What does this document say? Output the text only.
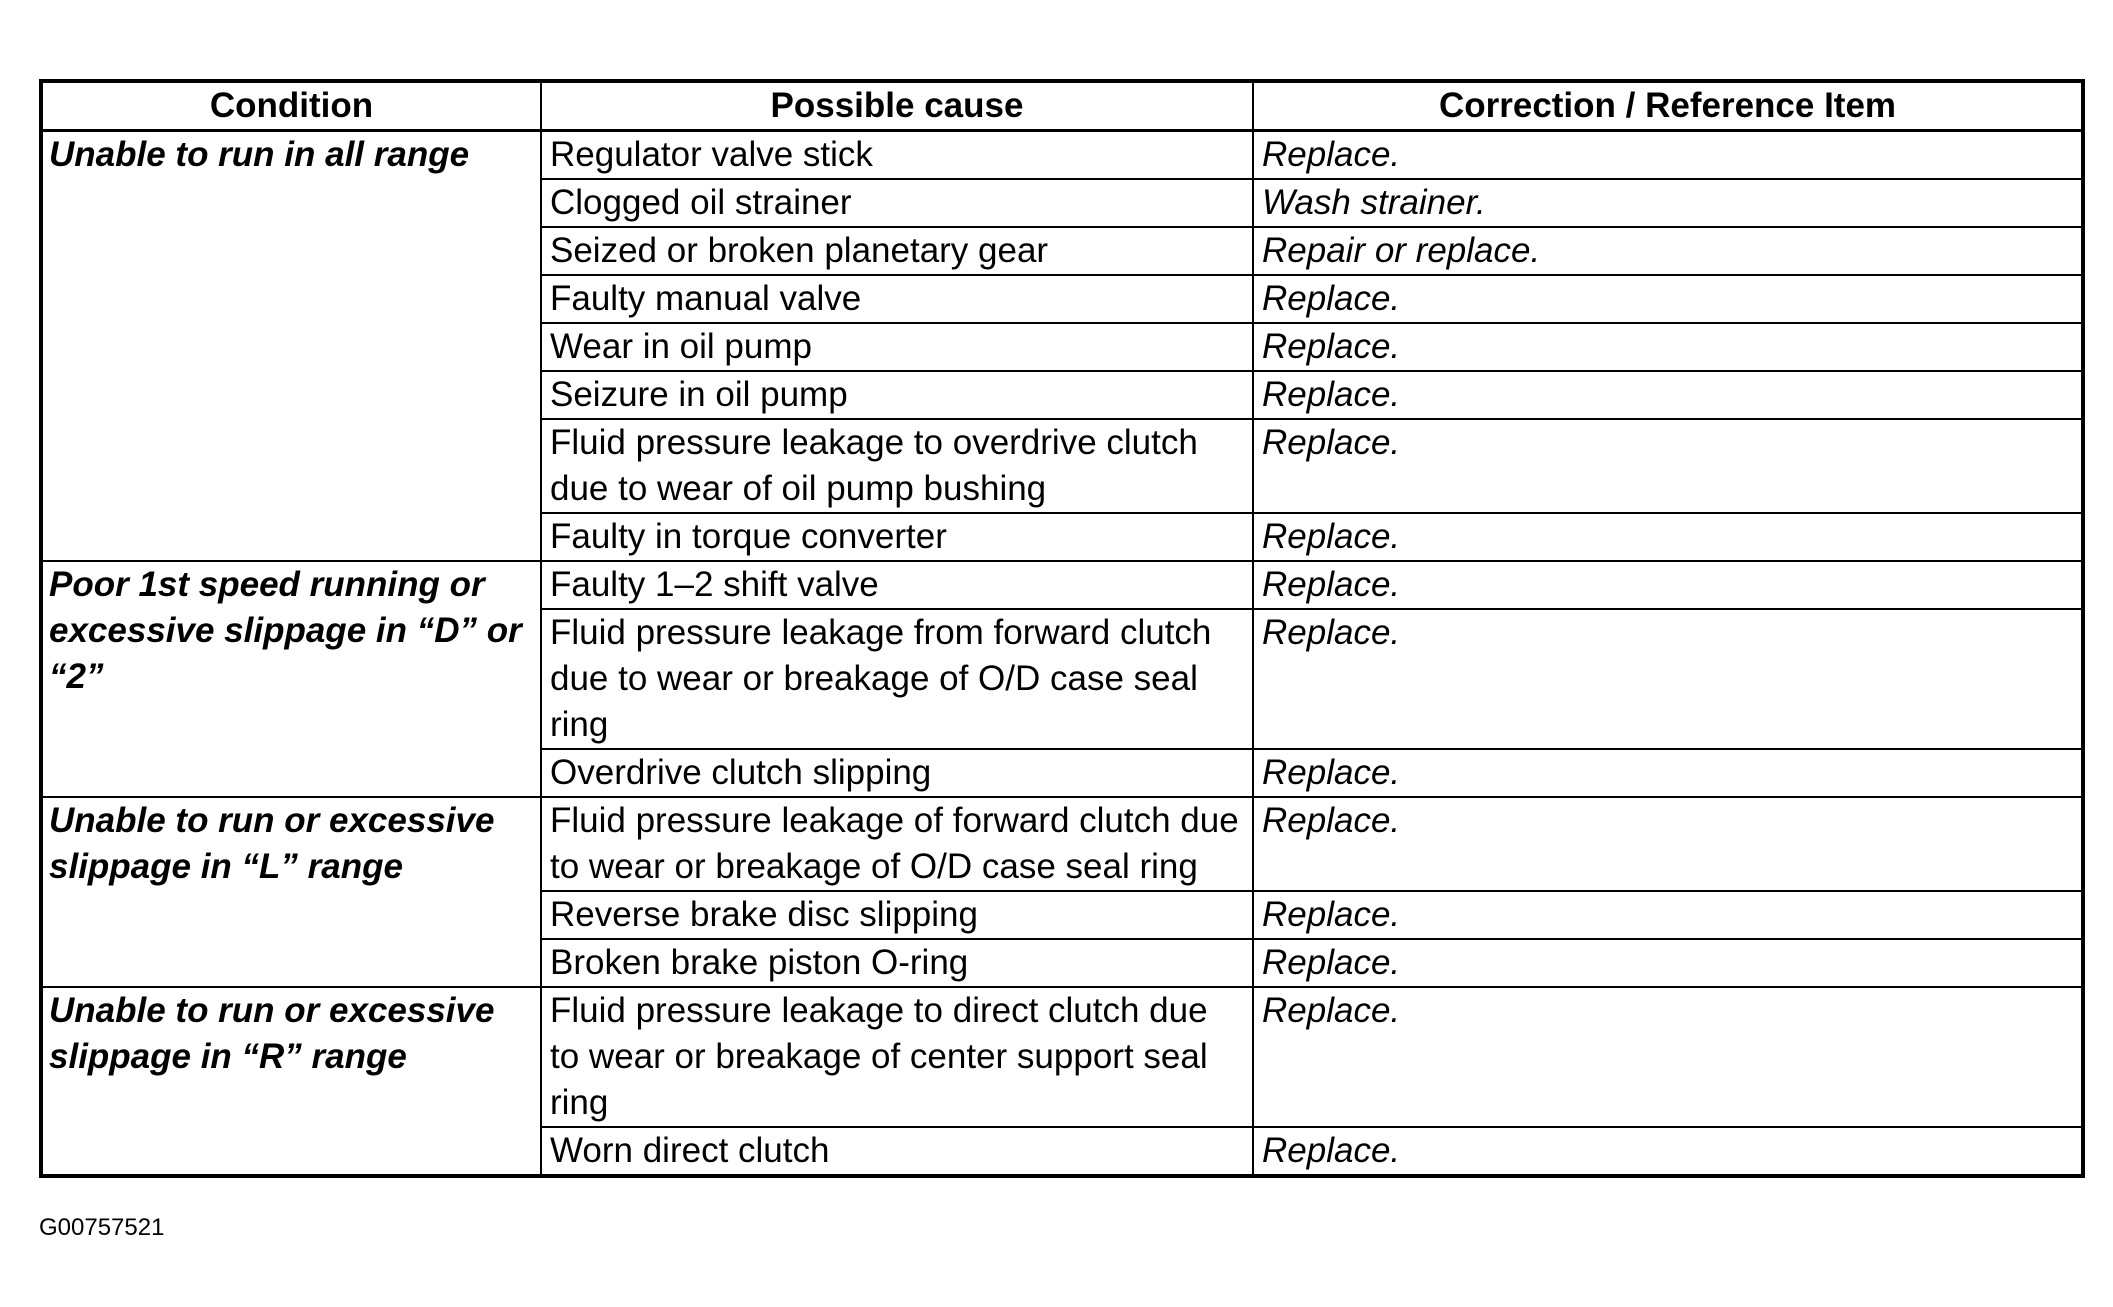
Condition	Possible cause	Correction / Reference Item
Unable to run in all range	Regulator valve stick	Replace.
	Clogged oil strainer	Wash strainer.
	Seized or broken planetary gear	Repair or replace.
	Faulty manual valve	Replace.
	Wear in oil pump	Replace.
	Seizure in oil pump	Replace.
	Fluid pressure leakage to overdrive clutch due to wear of oil pump bushing	Replace.
	Faulty in torque converter	Replace.
Poor 1st speed running or excessive slippage in “D” or “2”	Faulty 1–2 shift valve	Replace.
	Fluid pressure leakage from forward clutch due to wear or breakage of O/D case seal ring	Replace.
	Overdrive clutch slipping	Replace.
Unable to run or excessive slippage in “L” range	Fluid pressure leakage of forward clutch due to wear or breakage of O/D case seal ring	Replace.
	Reverse brake disc slipping	Replace.
	Broken brake piston O-ring	Replace.
Unable to run or excessive slippage in “R” range	Fluid pressure leakage to direct clutch due to wear or breakage of center support seal ring	Replace.
	Worn direct clutch	Replace.
G00757521
